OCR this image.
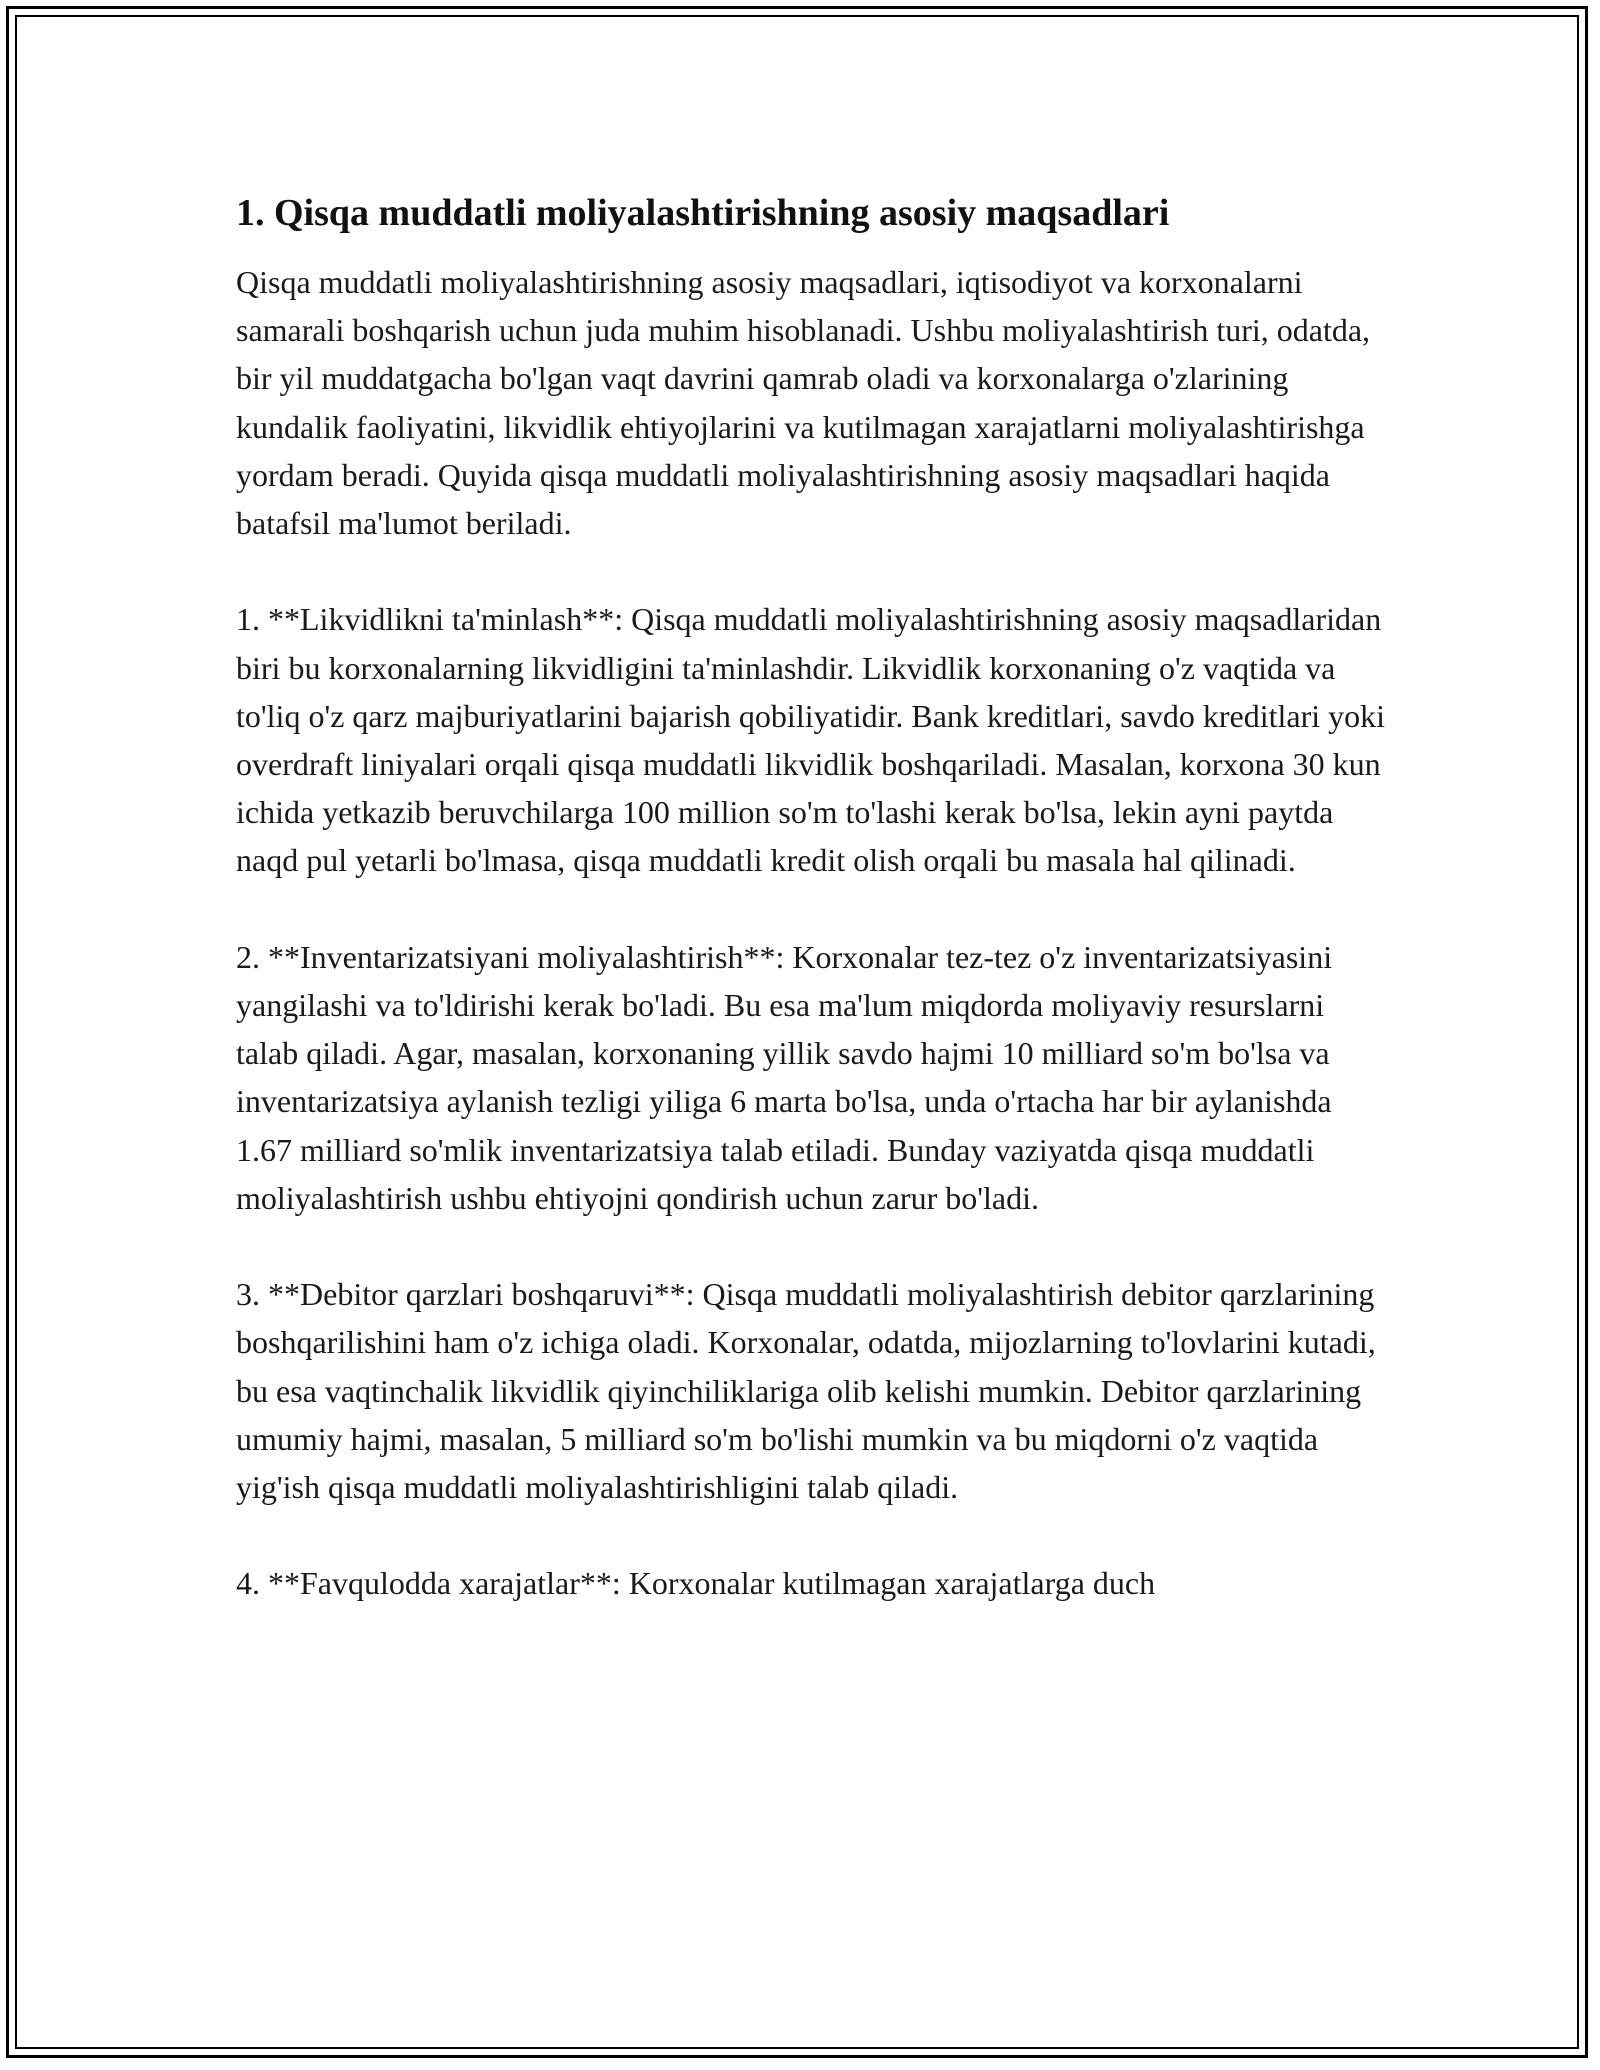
1. Qisqa muddatli moliyalashtirishning asosiy maqsadlari

Qisqa muddatli moliyalashtirishning asosiy maqsadlari, iqtisodiyot va korxonalarni samarali boshqarish uchun juda muhim hisoblanadi. Ushbu moliyalashtirish turi, odatda, bir yil muddatgacha bo'lgan vaqt davrini qamrab oladi va korxonalarga o'zlarining kundalik faoliyatini, likvidlik ehtiyojlarini va kutilmagan xarajatlarni moliyalashtirishga yordam beradi. Quyida qisqa muddatli moliyalashtirishning asosiy maqsadlari haqida batafsil ma'lumot beriladi.

1. **Likvidlikni ta'minlash**: Qisqa muddatli moliyalashtirishning asosiy maqsadlaridan biri bu korxonalarning likvidligini ta'minlashdir. Likvidlik korxonaning o'z vaqtida va to'liq o'z qarz majburiyatlarini bajarish qobiliyatidir. Bank kreditlari, savdo kreditlari yoki overdraft liniyalari orqali qisqa muddatli likvidlik boshqariladi. Masalan, korxona 30 kun ichida yetkazib beruvchilarga 100 million so'm to'lashi kerak bo'lsa, lekin ayni paytda naqd pul yetarli bo'lmasa, qisqa muddatli kredit olish orqali bu masala hal qilinadi.

2. **Inventarizatsiyani moliyalashtirish**: Korxonalar tez-tez o'z inventarizatsiyasini yangilashi va to'ldirishi kerak bo'ladi. Bu esa ma'lum miqdorda moliyaviy resurslarni talab qiladi. Agar, masalan, korxonaning yillik savdo hajmi 10 milliard so'm bo'lsa va inventarizatsiya aylanish tezligi yiliga 6 marta bo'lsa, unda o'rtacha har bir aylanishda 1.67 milliard so'mlik inventarizatsiya talab etiladi. Bunday vaziyatda qisqa muddatli moliyalashtirish ushbu ehtiyojni qondirish uchun zarur bo'ladi.

3. **Debitor qarzlari boshqaruvi**: Qisqa muddatli moliyalashtirish debitor qarzlarining boshqarilishini ham o'z ichiga oladi. Korxonalar, odatda, mijozlarning to'lovlarini kutadi, bu esa vaqtinchalik likvidlik qiyinchiliklariga olib kelishi mumkin. Debitor qarzlarining umumiy hajmi, masalan, 5 milliard so'm bo'lishi mumkin va bu miqdorni o'z vaqtida yig'ish qisqa muddatli moliyalashtirishligini talab qiladi.

4. **Favqulodda xarajatlar**: Korxonalar kutilmagan xarajatlarga duch
